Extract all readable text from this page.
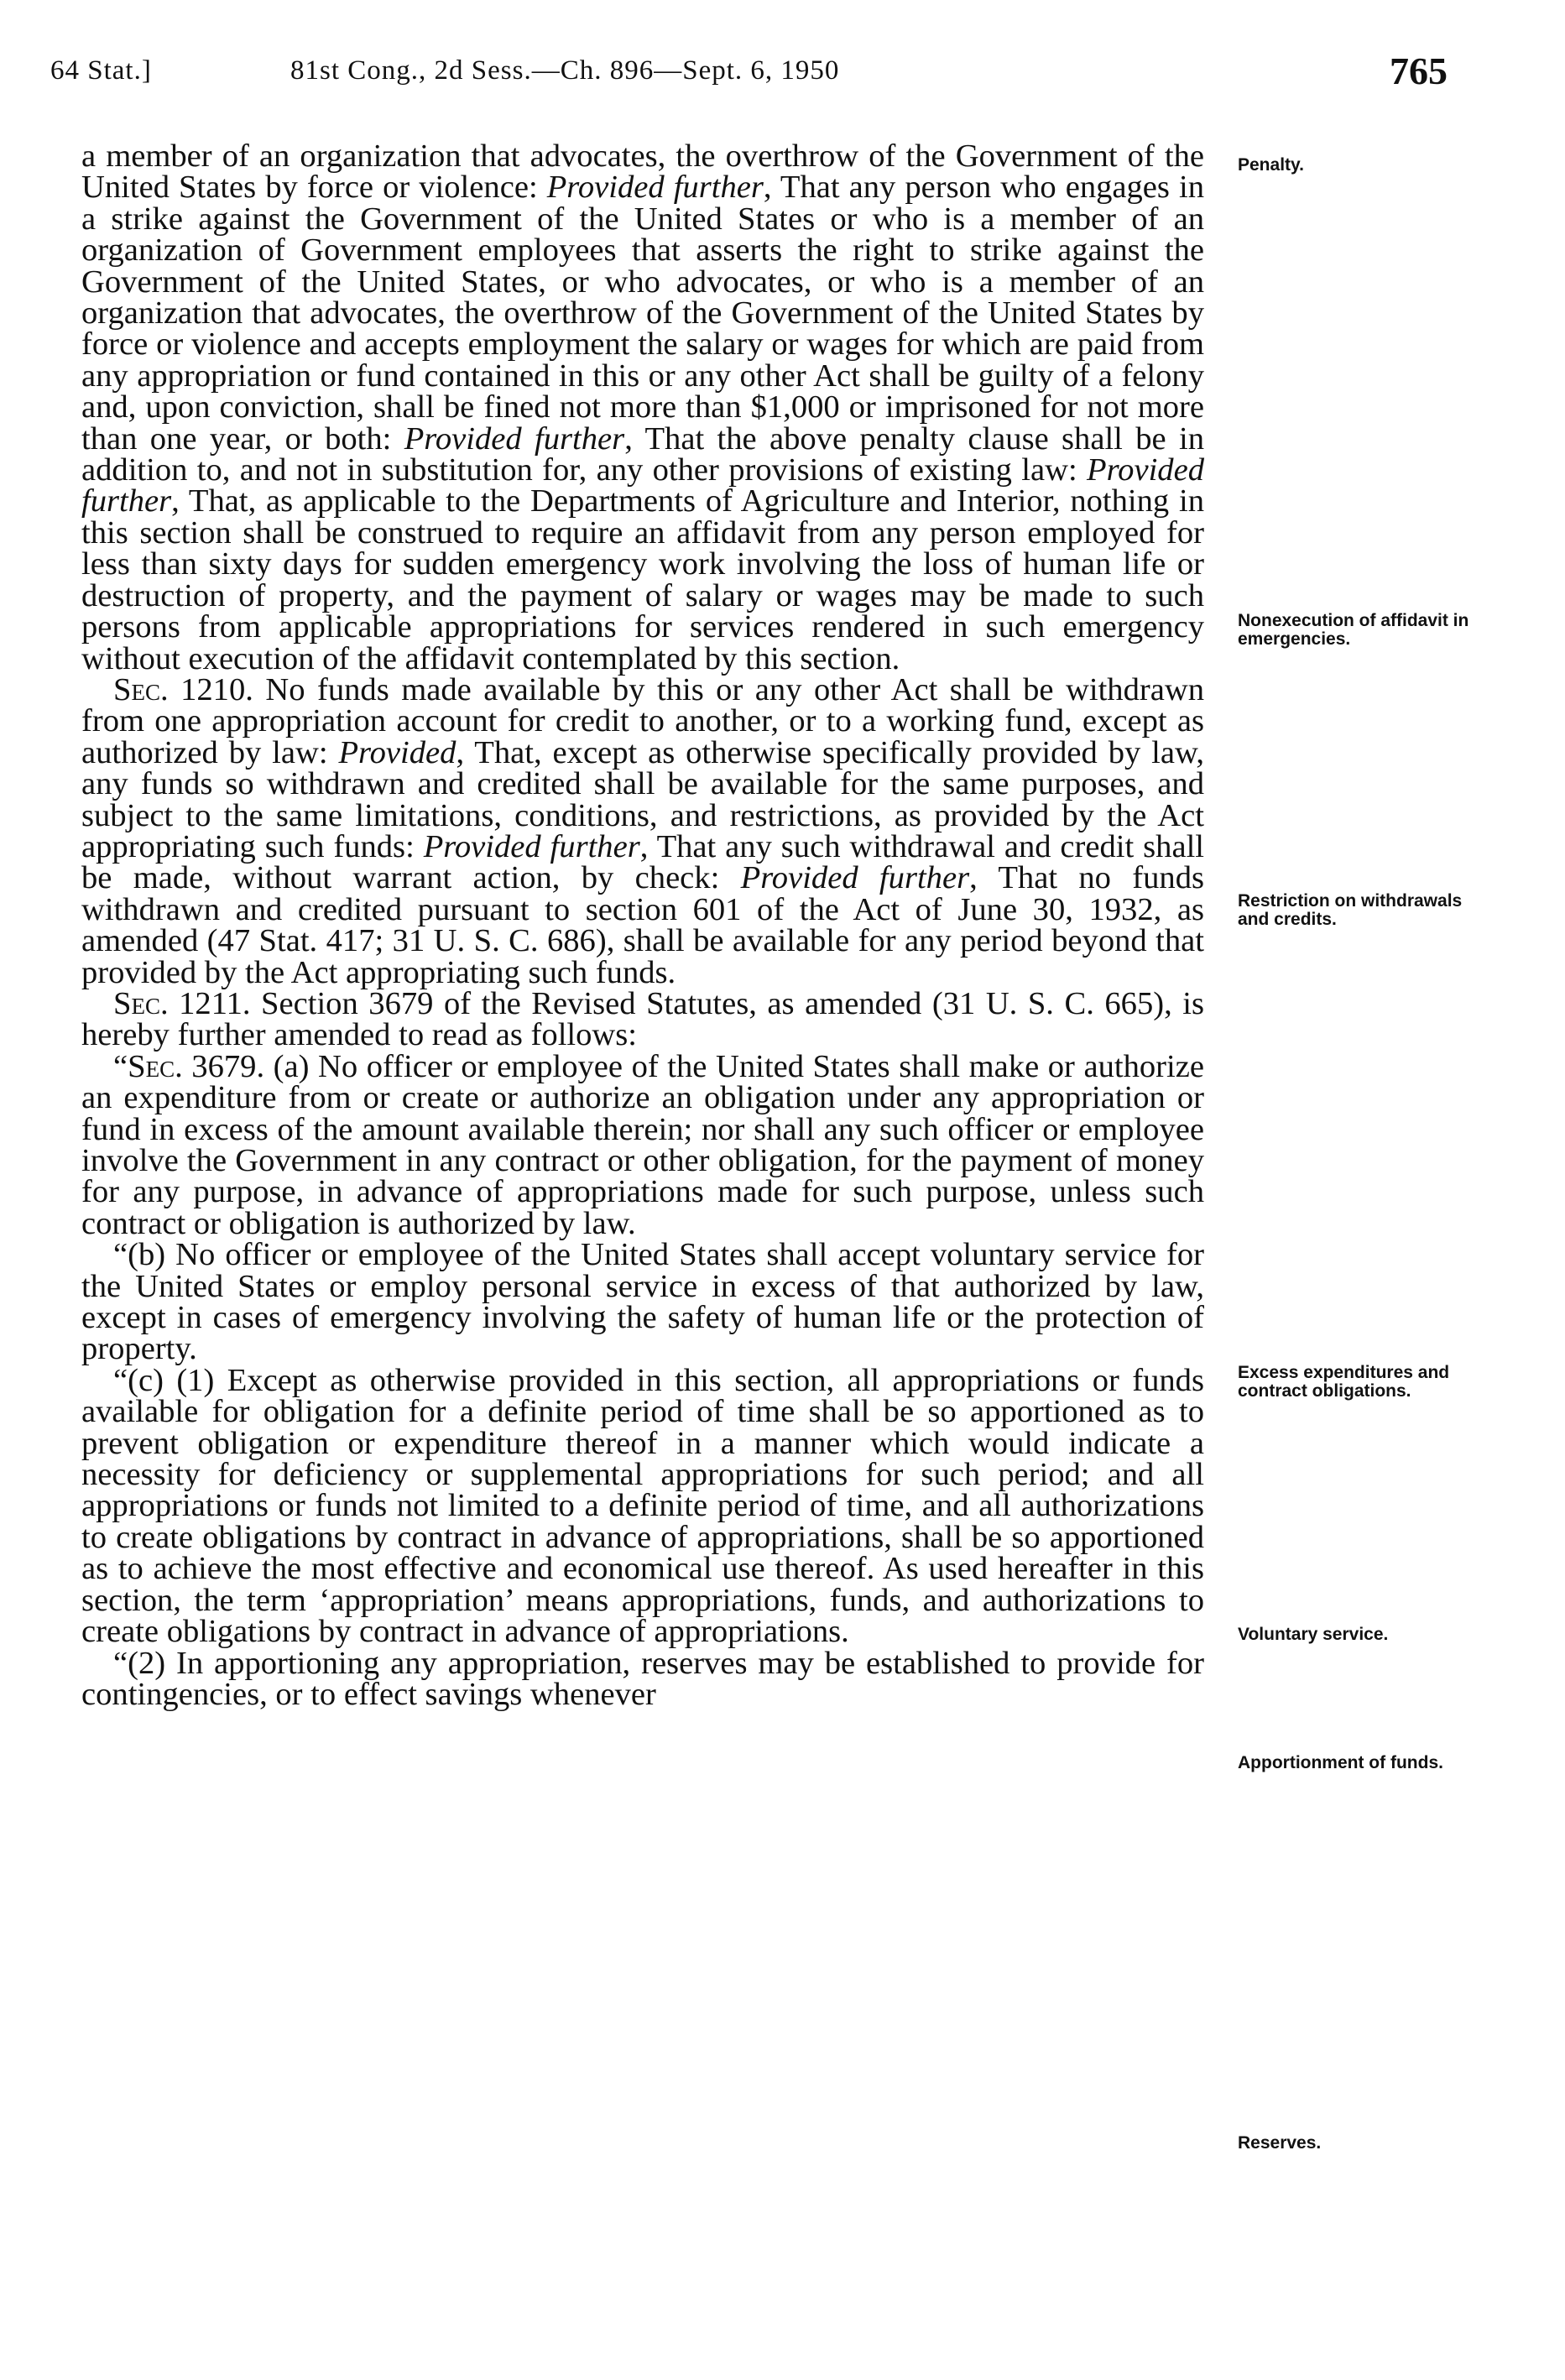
64 Stat.]	81st Cong., 2d Sess.—Ch. 896—Sept. 6, 1950	765

a member of an organization that advocates, the overthrow of the Government of the United States by force or violence: Provided further, That any person who engages in a strike against the Government of the United States or who is a member of an organization of Government employees that asserts the right to strike against the Government of the United States, or who advocates, or who is a member of an organization that advocates, the overthrow of the Government of the United States by force or violence and accepts employment the salary or wages for which are paid from any appropriation or fund contained in this or any other Act shall be guilty of a felony and, upon conviction, shall be fined not more than $1,000 or imprisoned for not more than one year, or both: Provided further, That the above penalty clause shall be in addition to, and not in substitution for, any other provisions of existing law: Provided further, That, as applicable to the Departments of Agriculture and Interior, nothing in this section shall be construed to require an affidavit from any person employed for less than sixty days for sudden emergency work involving the loss of human life or destruction of property, and the payment of salary or wages may be made to such persons from applicable appropriations for services rendered in such emergency without execution of the affidavit contemplated by this section.

Sec. 1210. No funds made available by this or any other Act shall be withdrawn from one appropriation account for credit to another, or to a working fund, except as authorized by law: Provided, That, except as otherwise specifically provided by law, any funds so withdrawn and credited shall be available for the same purposes, and subject to the same limitations, conditions, and restrictions, as provided by the Act appropriating such funds: Provided further, That any such withdrawal and credit shall be made, without warrant action, by check: Provided further, That no funds withdrawn and credited pursuant to section 601 of the Act of June 30, 1932, as amended (47 Stat. 417; 31 U. S. C. 686), shall be available for any period beyond that provided by the Act appropriating such funds.

Sec. 1211. Section 3679 of the Revised Statutes, as amended (31 U. S. C. 665), is hereby further amended to read as follows:

“Sec. 3679. (a) No officer or employee of the United States shall make or authorize an expenditure from or create or authorize an obligation under any appropriation or fund in excess of the amount available therein; nor shall any such officer or employee involve the Government in any contract or other obligation, for the payment of money for any purpose, in advance of appropriations made for such purpose, unless such contract or obligation is authorized by law.

“(b) No officer or employee of the United States shall accept voluntary service for the United States or employ personal service in excess of that authorized by law, except in cases of emergency involving the safety of human life or the protection of property.

“(c) (1) Except as otherwise provided in this section, all appropriations or funds available for obligation for a definite period of time shall be so apportioned as to prevent obligation or expenditure thereof in a manner which would indicate a necessity for deficiency or supplemental appropriations for such period; and all appropriations or funds not limited to a definite period of time, and all authorizations to create obligations by contract in advance of appropriations, shall be so apportioned as to achieve the most effective and economical use thereof. As used hereafter in this section, the term ‘appropriation’ means appropriations, funds, and authorizations to create obligations by contract in advance of appropriations.

“(2) In apportioning any appropriation, reserves may be established to provide for contingencies, or to effect savings whenever

Penalty.
Nonexecution of affidavit in emergencies.
Restriction on withdrawals and credits.
Excess expenditures and contract obligations.
Voluntary service.
Apportionment of funds.
Reserves.
